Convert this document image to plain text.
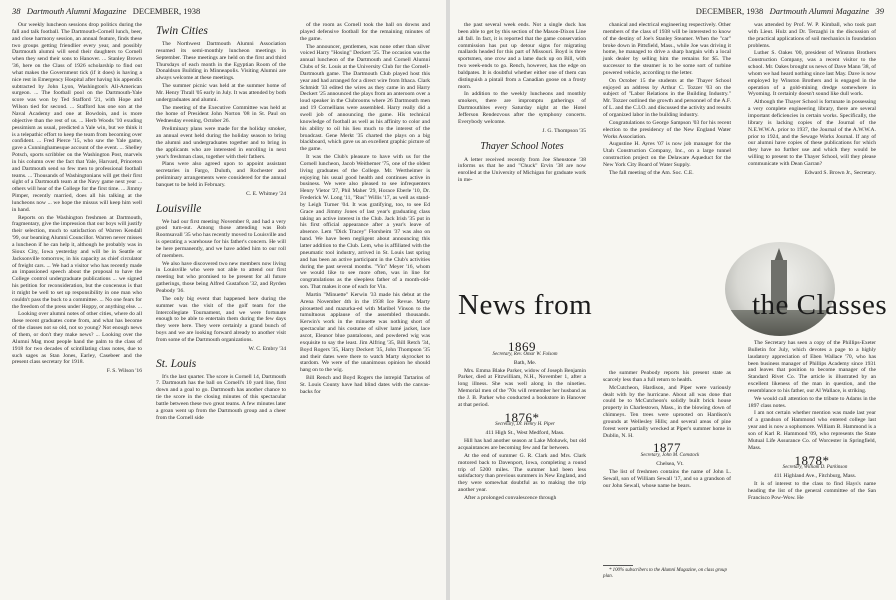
38 Dartmouth Alumni Magazine DECEMBER, 1938

Our weekly luncheon sessions drop politics during the fall and talk football. The Dartmouth-Cornell lunch, beer, and close harmony session, an annual feature, finds these two groups getting friendlier every year, and possibly Dartmouth alumni will send their daughters to Cornell when they send their sons to Hanover. ... Stanley Brown '36, here on the Class of 1926 scholarship to find out what makes the Government tick (if it does) is having a nice rest in Emergency Hospital after having his appendix subtracted by John Lyon, Washington's All-American surgeon. ... The football pool on the Dartmouth-Yale score was won by Ted Stafford '21, with Hope and Wilson tied for second. ... Stafford has one son at the Naval Academy and one at Bowdoin, and is more objective than the rest of us. ... Herb Woods '10 exuding pessimism as usual, predicted a Yale win, but we think it is a telepathic effort to keep the team from becoming over confident. ... Fred Pierce '15, who saw the Yale game, gave a Cunninghamesque account of the event. ... Shelley Potsch, sports scribbler on the Washington Post, marvels in his column over the fact that Yale, Harvard, Princeton and Dartmouth send so few men to professional football teams. ... Thousands of Washingtonians will get their first sight of a Dartmouth team at the Navy game next year ... others will hear of the College for the first time. ... Jimmy Pimper, recently married, does all his talking at the luncheons now ... we hope the missus will keep him well in hand.

Reports on the Washington freshmen at Dartmouth, fragmentary, give the impression that our boys will justify their selection, much to satisfaction of Warren Kendall '99, our beaming Alumni Councillor. Warren never misses a luncheon if he can help it, although he probably was in Sioux City, Iowa yesterday and will be in Seattle or Jacksonville tomorrow, in his capacity as chief circulator of freight cars. ... We had a visitor who has recently made an impassioned speech about the proposal to have the College control undergraduate publications ... we signed his petition for reconsideration, but the concensus is that it might be well to set up responsibility in one man who couldn't pass the buck to a committee. ... No one fears for the freedom of the press under Hoppy, or anything else. ...

Looking over alumni notes of other cities, where do all these recent graduates come from, and what has become of the classes not so old, not so young? Not enough news of them, or don't they make news? ... Looking over the Alumni Mag most people hand the palm to the class of 1918 for two decades of scintillating class notes, due to such sages as Stan Jones, Earley, Casebeer and the present class secretary for 1918.

F. S. Wilson '16

Twin Cities

The Northwest Dartmouth Alumni Association resumed its semi-monthly luncheon meetings in September. These meetings are held on the first and third Thursdays of each month in the Egyptian Room of the Donaldson Building in Minneapolis. Visiting Alumni are always welcome at these meetings.

The summer picnic was held at the summer home of Mr. Henry Thrall '05 early in July. It was attended by both undergraduates and alumni.

The meeting of the Executive Committee was held at the home of President John Norton '08 in St. Paul on Wednesday evening, October 26.

Preliminary plans were made for the holiday smoker, an annual event held during the holiday season to bring the alumni and undergraduates together and to bring in the applicants who are interested in enrolling in next year's freshman class, together with their fathers.

Plans were also agreed upon to appoint assistant secretaries in Fargo, Duluth, and Rochester and preliminary arrangements were considered for the annual banquet to be held in February.

C. E. Whitney '24

Louisville

We had our first meeting November 8, and had a very good turn-out. Among those attending was Bob Roomsavall '35 who has recently moved to Louisville and is operating a warehouse for his father's concern. He will be here permanently, and we have added him to our roll of members.

We also have discovered two new members now living in Louisville who were not able to attend our first meeting but who promised to be present for all future gatherings, those being Alfred Gustafson '32, and Ryrden Peabody '36.

The only big event that happened here during the summer was the visit of the golf team for the Intercollegiate Tournament, and we were fortunate enough to be able to entertain them during the few days they were here. They were certainly a grand bunch of boys and we are looking forward already to another visit from some of the Dartmouth organizations.

W. C. Embry '34

St. Louis

It's the last quarter. The score is Cornell 14, Dartmouth 7. Dartmouth has the ball on Cornell's 10 yard line, first down and a goal to go. Dartmouth has another chance to tie the score in the closing minutes of this spectacular battle between these two great teams. A few minutes later a groan went up from the Dartmouth group and a cheer from the Cornell side

of the room as Cornell took the ball on downs and played defensive football for the remaining minutes of the game.

The announcer, gentlemen, was none other than silver voiced Harry "Hosing" Deckert '25. The occasion was the annual luncheon of the Dartmouth and Cornell Alumni Clubs of St. Louis at the University Club for the Cornell-Dartmouth game. The Dartmouth Club played host this year and had arranged for a direct wire from Ithaca. Clark Schmidt '33 edited the wires as they came in and Harry Deckert '25 announced the plays from an anteroom over a loud speaker in the Clubrooms where 26 Dartmouth men and 19 Cornellians were assembled. Harry really did a swell job of announcing the game. His technical knowledge of football as well as his affinity to color and his ability to oil his lieu much to the interest of the broadcast. Gene Merkt '35 charted the plays on a big blackboard, which gave us an excellent graphic picture of the game.

It was the Club's pleasure to have with us for the Cornell luncheon, Jacob Weithemer '75, one of the oldest living graduates of the College. Mr. Wertheimer is enjoying his usual good health and continues active in business. We were also pleased to see infrequenters Henry Vietor '27, Phil Maher '29, Horace Eberle '10, Dr. Frederick W. Long '11, "Rus" Willis '17, as well as stand-by Leigh Turner '04. It was gratifying, too, to see Ed Grace and Jimmy Jones of last year's graduating class taking an active interest in the Club. Jack Irish '35 put in his first official appearance after a year's leave of absence. Lem "Dick Tracey" Florsheim '37 was also on hand. We have been negligent about announcing this latter addition to the Club. Lem, who is affiliated with the pneumatic tool industry, arrived in St. Louis last spring and has been an active participant in the Club's activities during the past several months. "Vin" Meyer '16, whom we would like to see more often, was in line for congratulations as the sleepless father of a month-old-son. That makes it one of each for Vin.

Martin "Minuette" Kerwin '33 made his debut at the Arena November 4th in the 1938 Ice Revue. Marty pirouetted and mazurka-ed with Maribel Vinson to the tumultuous applause of the assembled thousands. Kerwin's work in the minuette was nothing short of spectacular and his costume of silver lamé jacket, lace ascot, Eleanor blue pantaloons, and powdered wig was exquisite to say the least. Jim Alfring '35, Bill Retch '34, Boyd Rogers '35, Harry Deckert '35, John Thompson '35 and their dates were there to watch Marty skyrocket to stardom. We were of the unanimous opinion he should hang on to the wig.

Bill Rench and Boyd Rogers the intrepid Tartarins of St. Louis County have had blind dates with the canvas-backs for

DECEMBER, 1938 Dartmouth Alumni Magazine 39

the past several week ends. Not a single duck has been able to get by this section of the Mason-Dixon Line all fall. In fact, it is reported that the game conservation commission has put up detour signs for migrating mallards headed for this part of Missouri. Boyd is three sportsmen, one crow and a lame duck up on Bill, with two week-ends to go. Rench, however, has the edge on baldpates. It is doubtful whether either one of them can distinguish a pintail from a Canadian goose on a frosty morn.

In addition to the weekly luncheons and monthly smokers, there are impromptu gatherings of Dartmouthites every Saturday night at the Hotel Jefferson Rendezvous after the symphony concerts. Everybody welcome.

J. G. Thompson '35

Thayer School Notes

A letter received recently from Joe Shenstone '38 informs us that he and "Chuck" Ervin '38 are now enrolled at the University of Michigan for graduate work in me-

chanical and electrical engineering respectively. Other members of the class of 1938 will be interested to know of the destiny of Joe's Stanley Steamer. When the "car" broke down in Pittsfield, Mass., while Joe was driving it home, he managed to drive a sharp bargain with a local junk dealer by selling him the remains for $5. The successor to the steamer is to be some sort of turbine powered vehicle, according to the letter.

On October 15 the students at the Thayer School enjoyed an address by Arthur C. Tozzer '03 on the subject of "Labor Relations in the Building Industry." Mr. Tozzer outlined the growth and personnel of the A.F. of L. and the C.I.O. and discussed the activity and results of organized labor in the building industry.

Congratulations to George Sampson '03 for his recent election to the presidency of the New England Water Works Association.

Augustine H. Ayres '07 is now job manager for the Utah Construction Company, Inc., on a large tunnel construction project on the Delaware Aqueduct for the New York City Board of Water Supply.

The fall meeting of the Am. Soc. C.E.

was attended by Prof. W. P. Kimball, who took part with Lieut. Hulz and Dr. Terzaghi in the discussion of the practical applications of soil mechanics in foundation problems.

Luther S. Oakes '00, president of Winston Brothers Construction Company, was a recent visitor to the school. Mr. Oakes brought us news of Dave Mann '38, of whom we had heard nothing since last May. Dave is now employed by Winston Brothers and is engaged in the operation of a gold-mining dredge somewhere in Wyoming. It certainly doesn't sound like dull work.

Although the Thayer School is fortunate in possessing a very complete engineering library, there are several important deficiencies in certain works. Specifically, the library is lacking copies of the Journal of the N.E.W.W.A. prior to 1937, the Journal of the A.W.W.A. prior to 1924, and the Sewage Works Journal. If any of our alumni have copies of these publications for which they have no further use and which they would be willing to present to the Thayer School, will they please communicate with Dean Garran?

Edward S. Brown Jr., Secretary.

News from	the Classes
1869

Secretary, Rev. Omar W. Folsom

Bath, Me.

Mrs. Emma Blake Parker, widow of Joseph Benjamin Parker, died at Fitzwilliam, N.H., November 1, after a long illness. She was well along in the nineties. Memorial men of the '70s will remember her husband as the J. B. Parker who conducted a bookstore in Hanover at that period.

1876*

Secretary, Dr. Henry H. Piper

411 High St., West Medford, Mass.

Hill has had another season at Lake Mohawk, but old acquaintances are becoming few and far between.

At the end of summer G. R. Clark and Mrs. Clark motored back to Davenport, Iowa, completing a round trip of 5200 miles. The summer had been less satisfactory than previous summers in New England, and they were somewhat doubtful as to making the trip another year.

After a prolonged convalescence through

the summer Peabody reports his present state as scarcely less than a full return to health.

McCutcheon, Hardison, and Piper were variously dealt with by the hurricane. About all was done that could be to McCutcheon's solidly built brick house property in Charlestown, Mass., in the blowing down of chimneys. Ten trees were uprooted on Hardison's grounds at Wellesley Hills; and several areas of pine forest were partially wrecked at Piper's summer home in Dublin, N. H.

1877

Secretary, John M. Comstock

Chelsea, Vt.

The list of freshmen contains the name of John L. Sewall, son of William Sewall '17, and so a grandson of our John Sewall, whose name he bears.

* 100% subscribers to the Alumni Magazine, on class group plan.

The Secretary has seen a copy of the Phillips-Exeter Bulletin for July, which devotes a page to a highly laudatory appreciation of Eben Wallace '70, who has been business manager of Phillips Academy since 1931 and leaves that position to become manager of the Standard Rivet Co. The article is illustrated by an excellent likeness of the man in question, and the resemblance to his father, our Al Wallace, is striking.

We would call attention to the tribute to Adams in the 1897 class notes.

I am not certain whether mention was made last year of a grandson of Hammond who entered college last year and is now a sophomore. William B. Hammond is a son of Karl R. Hammond '09, who represents the State Mutual Life Assurance Co. of Worcester in Springfield, Mass.

1878*

Secretary, William D. Parkinson

411 Highland Ave., Fitchburg, Mass.

It is of interest to the class to find Hays's name heading the list of the general committee of the San Francisco Pow-Wow. He
